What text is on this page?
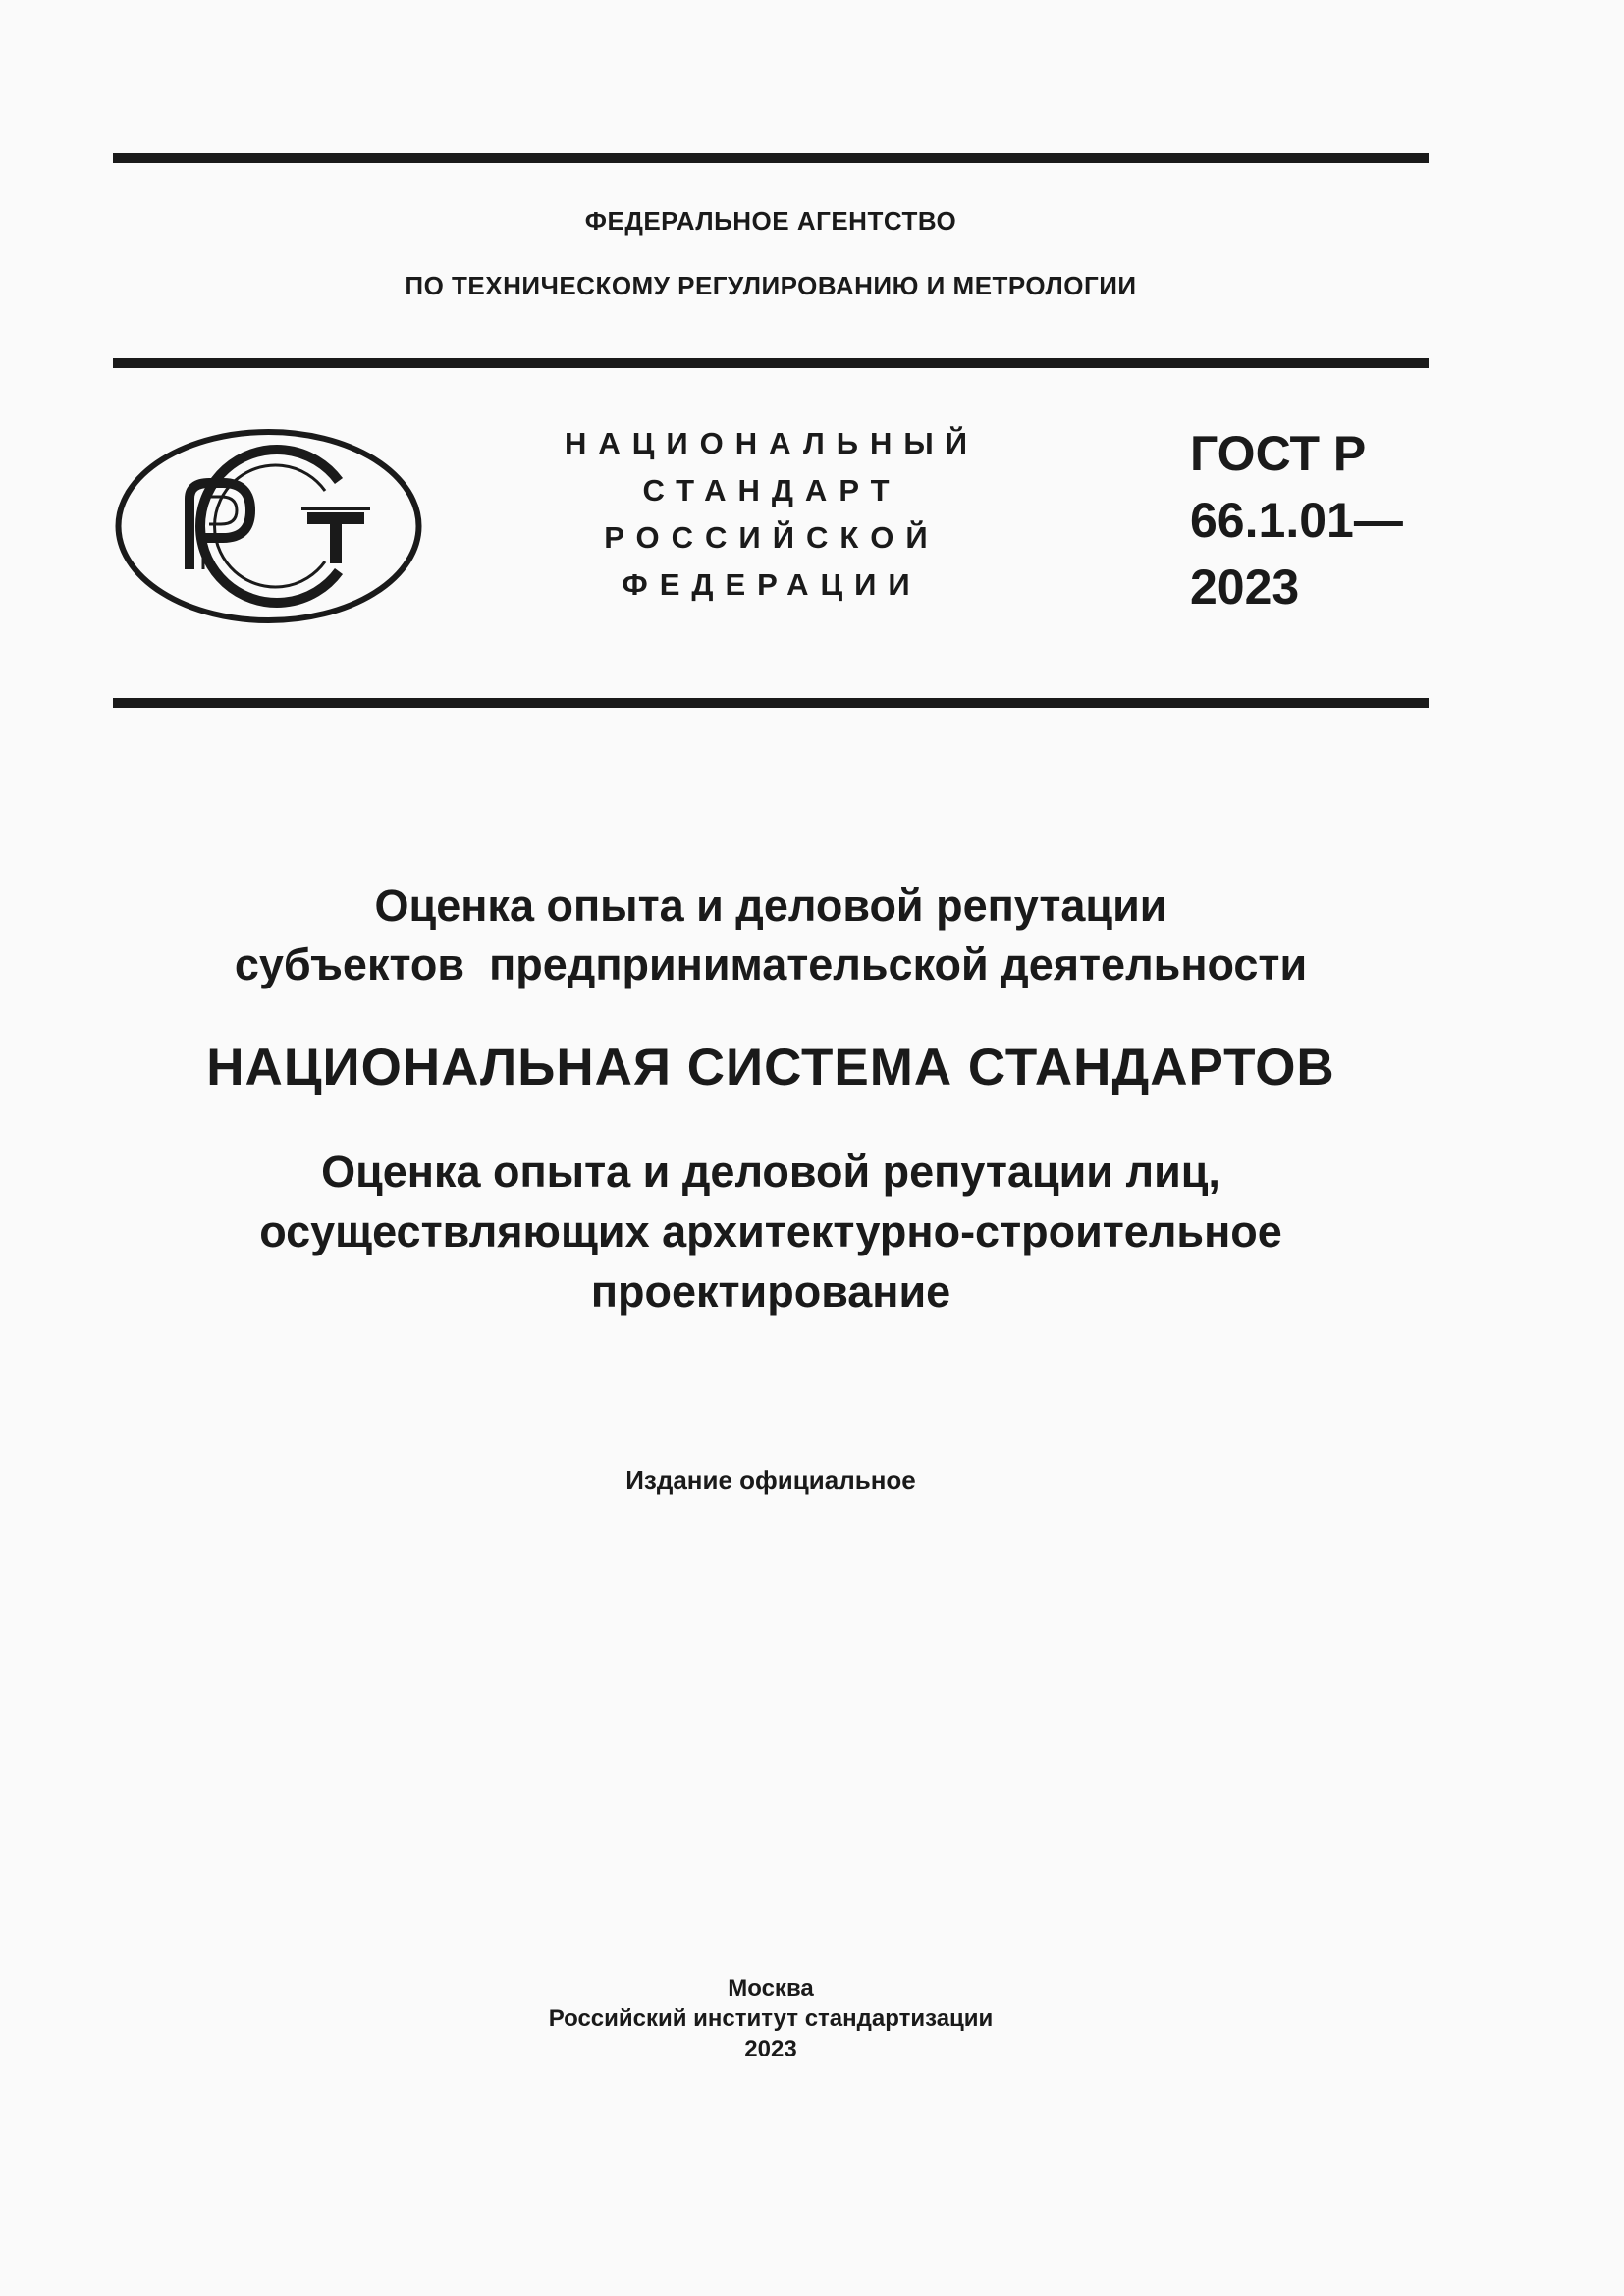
ФЕДЕРАЛЬНОЕ АГЕНТСТВО
ПО ТЕХНИЧЕСКОМУ РЕГУЛИРОВАНИЮ И МЕТРОЛОГИИ
НАЦИОНАЛЬНЫЙ
СТАНДАРТ
РОССИЙСКОЙ
ФЕДЕРАЦИИ
ГОСТ Р
66.1.01—
2023
Оценка опыта и деловой репутации
субъектов  предпринимательской деятельности
НАЦИОНАЛЬНАЯ СИСТЕМА СТАНДАРТОВ
Оценка опыта и деловой репутации лиц,
осуществляющих архитектурно-строительное
проектирование
Издание официальное
Москва
Российский институт стандартизации
2023
